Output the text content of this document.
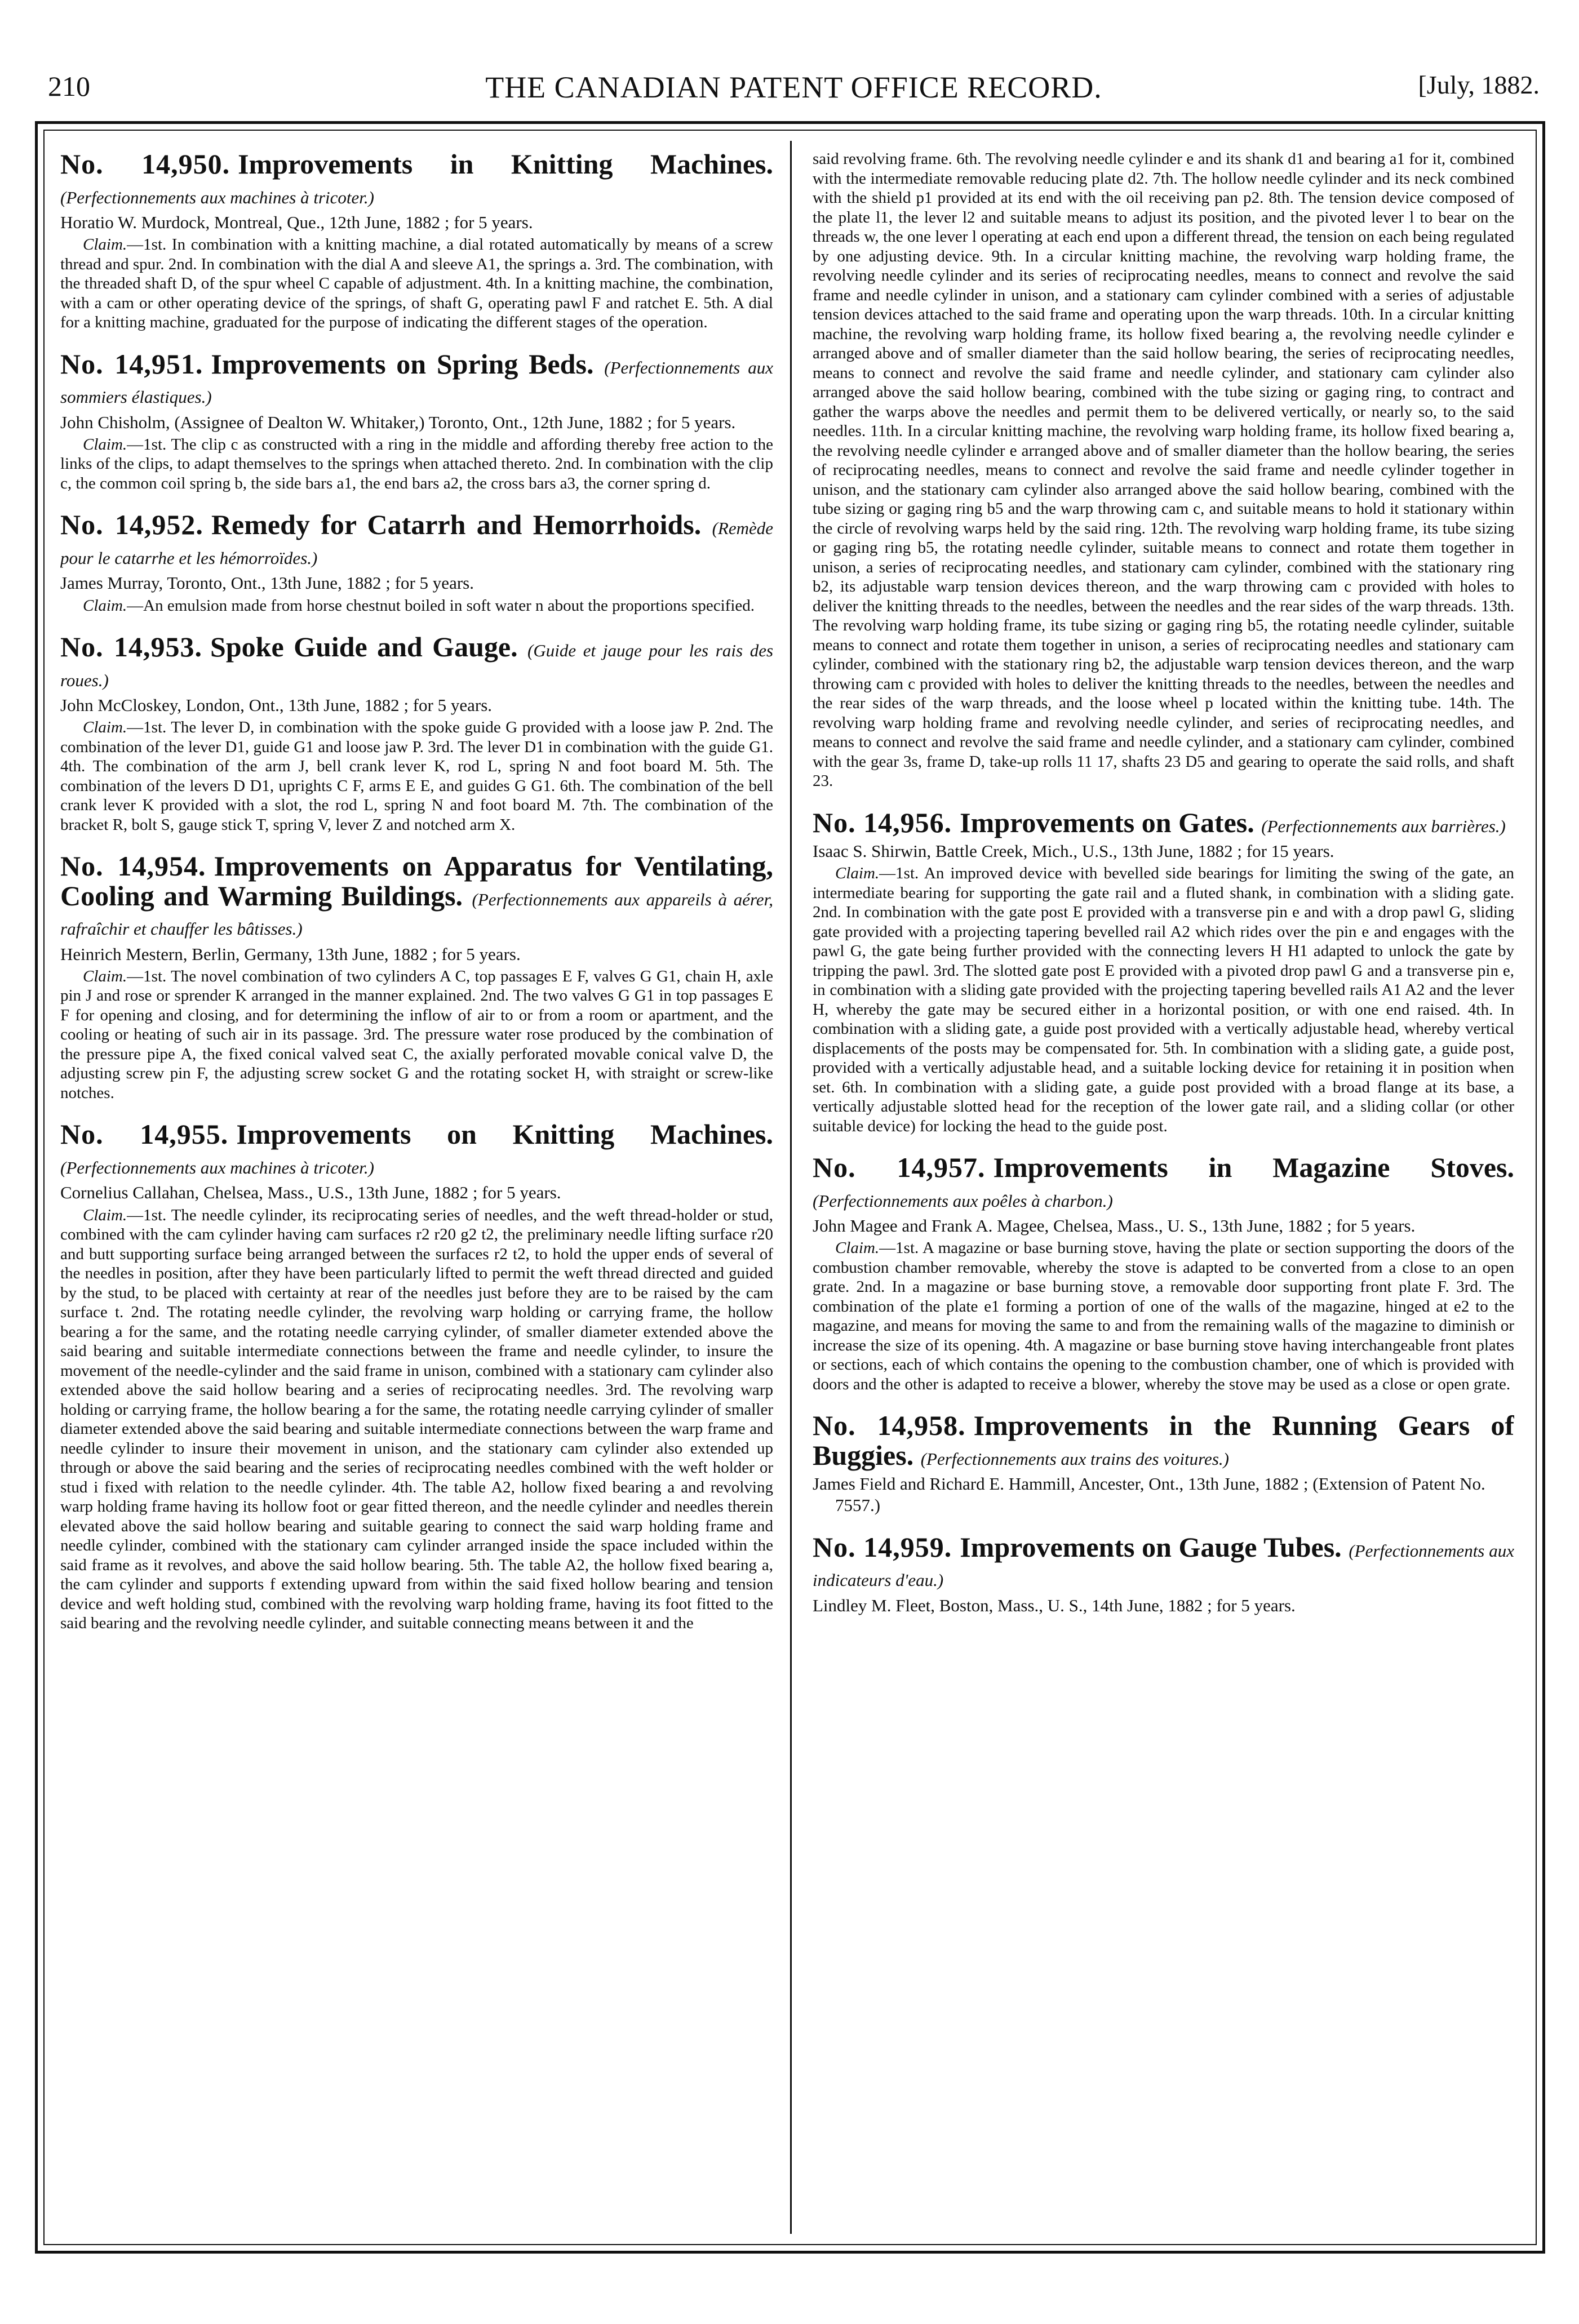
210	THE CANADIAN PATENT OFFICE RECORD.	[July, 1882.
No. 14,950. Improvements in Knitting Machines. (Perfectionnements aux machines à tricoter.)
Horatio W. Murdock, Montreal, Que., 12th June, 1882 ; for 5 years.

Claim.—1st. In combination with a knitting machine, a dial rotated automatically by means of a screw thread and spur. 2nd. In combination with the dial A and sleeve A1, the springs a. 3rd. The combination, with the threaded shaft D, of the spur wheel C capable of adjustment. 4th. In a knitting machine, the combination, with a cam or other operating device of the springs, of shaft G, operating pawl F and ratchet E. 5th. A dial for a knitting machine, graduated for the purpose of indicating the different stages of the operation.

No. 14,951. Improvements on Spring Beds. (Perfectionnements aux sommiers élastiques.)
John Chisholm, (Assignee of Dealton W. Whitaker,) Toronto, Ont., 12th June, 1882 ; for 5 years.

Claim.—1st. The clip c as constructed with a ring in the middle and affording thereby free action to the links of the clips, to adapt themselves to the springs when attached thereto. 2nd. In combination with the clip c, the common coil spring b, the side bars a1, the end bars a2, the cross bars a3, the corner spring d.

No. 14,952. Remedy for Catarrh and Hemorrhoids. (Remède pour le catarrhe et les hémorroïdes.)
James Murray, Toronto, Ont., 13th June, 1882 ; for 5 years.

Claim.—An emulsion made from horse chestnut boiled in soft water n about the proportions specified.

No. 14,953. Spoke Guide and Gauge. (Guide et jauge pour les rais des roues.)
John McCloskey, London, Ont., 13th June, 1882 ; for 5 years.

Claim.—1st. The lever D, in combination with the spoke guide G provided with a loose jaw P. 2nd. The combination of the lever D1, guide G1 and loose jaw P. 3rd. The lever D1 in combination with the guide G1. 4th. The combination of the arm J, bell crank lever K, rod L, spring N and foot board M. 5th. The combination of the levers D D1, uprights C F, arms E E, and guides G G1. 6th. The combination of the bell crank lever K provided with a slot, the rod L, spring N and foot board M. 7th. The combination of the bracket R, bolt S, gauge stick T, spring V, lever Z and notched arm X.

No. 14,954. Improvements on Apparatus for Ventilating, Cooling and Warming Buildings. (Perfectionnements aux appareils à aérer, rafraîchir et chauffer les bâtisses.)
Heinrich Mestern, Berlin, Germany, 13th June, 1882 ; for 5 years.

Claim.—1st. The novel combination of two cylinders A C, top passages E F, valves G G1, chain H, axle pin J and rose or sprender K arranged in the manner explained. 2nd. The two valves G G1 in top passages E F for opening and closing, and for determining the inflow of air to or from a room or apartment, and the cooling or heating of such air in its passage. 3rd. The pressure water rose produced by the combination of the pressure pipe A, the fixed conical valved seat C, the axially perforated movable conical valve D, the adjusting screw pin F, the adjusting screw socket G and the rotating socket H, with straight or screw-like notches.

No. 14,955. Improvements on Knitting Machines. (Perfectionnements aux machines à tricoter.)
Cornelius Callahan, Chelsea, Mass., U.S., 13th June, 1882 ; for 5 years.

Claim.—1st. The needle cylinder, its reciprocating series of needles, and the weft thread-holder or stud, combined with the cam cylinder having cam surfaces r2 r20 g2 t2, the preliminary needle lifting surface r20 and butt supporting surface being arranged between the surfaces r2 t2, to hold the upper ends of several of the needles in position, after they have been particularly lifted to permit the weft thread directed and guided by the stud, to be placed with certainty at rear of the needles just before they are to be raised by the cam surface t. 2nd. The rotating needle cylinder, the revolving warp holding or carrying frame, the hollow bearing a for the same, and the rotating needle carrying cylinder, of smaller diameter extended above the said bearing and suitable intermediate connections between the frame and needle cylinder, to insure the movement of the needle-cylinder and the said frame in unison, combined with a stationary cam cylinder also extended above the said hollow bearing and a series of reciprocating needles. 3rd. The revolving warp holding or carrying frame, the hollow bearing a for the same, the rotating needle carrying cylinder of smaller diameter extended above the said bearing and suitable intermediate connections between the warp frame and needle cylinder to insure their movement in unison, and the stationary cam cylinder also extended up through or above the said bearing and the series of reciprocating needles combined with the weft holder or stud i fixed with relation to the needle cylinder. 4th. The table A2, hollow fixed bearing a and revolving warp holding frame having its hollow foot or gear fitted thereon, and the needle cylinder and needles therein elevated above the said hollow bearing and suitable gearing to connect the said warp holding frame and needle cylinder, combined with the stationary cam cylinder arranged inside the space included within the said frame as it revolves, and above the said hollow bearing. 5th. The table A2, the hollow fixed bearing a, the cam cylinder and supports f extending upward from within the said fixed hollow bearing and tension device and weft holding stud, combined with the revolving warp holding frame, having its foot fitted to the said bearing and the revolving needle cylinder, and suitable connecting means between it and the

said revolving frame. 6th. The revolving needle cylinder e and its shank d1 and bearing a1 for it, combined with the intermediate removable reducing plate d2. 7th. The hollow needle cylinder and its neck combined with the shield p1 provided at its end with the oil receiving pan p2. 8th. The tension device composed of the plate l1, the lever l2 and suitable means to adjust its position, and the pivoted lever l to bear on the threads w, the one lever l operating at each end upon a different thread, the tension on each being regulated by one adjusting device. 9th. In a circular knitting machine, the revolving warp holding frame, the revolving needle cylinder and its series of reciprocating needles, means to connect and revolve the said frame and needle cylinder in unison, and a stationary cam cylinder combined with a series of adjustable tension devices attached to the said frame and operating upon the warp threads. 10th. In a circular knitting machine, the revolving warp holding frame, its hollow fixed bearing a, the revolving needle cylinder e arranged above and of smaller diameter than the said hollow bearing, the series of reciprocating needles, means to connect and revolve the said frame and needle cylinder, and stationary cam cylinder also arranged above the said hollow bearing, combined with the tube sizing or gaging ring, to contract and gather the warps above the needles and permit them to be delivered vertically, or nearly so, to the said needles. 11th. In a circular knitting machine, the revolving warp holding frame, its hollow fixed bearing a, the revolving needle cylinder e arranged above and of smaller diameter than the hollow bearing, the series of reciprocating needles, means to connect and revolve the said frame and needle cylinder together in unison, and the stationary cam cylinder also arranged above the said hollow bearing, combined with the tube sizing or gaging ring b5 and the warp throwing cam c, and suitable means to hold it stationary within the circle of revolving warps held by the said ring. 12th. The revolving warp holding frame, its tube sizing or gaging ring b5, the rotating needle cylinder, suitable means to connect and rotate them together in unison, a series of reciprocating needles, and stationary cam cylinder, combined with the stationary ring b2, its adjustable warp tension devices thereon, and the warp throwing cam c provided with holes to deliver the knitting threads to the needles, between the needles and the rear sides of the warp threads. 13th. The revolving warp holding frame, its tube sizing or gaging ring b5, the rotating needle cylinder, suitable means to connect and rotate them together in unison, a series of reciprocating needles and stationary cam cylinder, combined with the stationary ring b2, the adjustable warp tension devices thereon, and the warp throwing cam c provided with holes to deliver the knitting threads to the needles, between the needles and the rear sides of the warp threads, and the loose wheel p located within the knitting tube. 14th. The revolving warp holding frame and revolving needle cylinder, and series of reciprocating needles, and means to connect and revolve the said frame and needle cylinder, and a stationary cam cylinder, combined with the gear 3s, frame D, take-up rolls 11 17, shafts 23 D5 and gearing to operate the said rolls, and shaft 23.

No. 14,956. Improvements on Gates. (Perfectionnements aux barrières.)
Isaac S. Shirwin, Battle Creek, Mich., U.S., 13th June, 1882 ; for 15 years.

Claim.—1st. An improved device with bevelled side bearings for limiting the swing of the gate, an intermediate bearing for supporting the gate rail and a fluted shank, in combination with a sliding gate. 2nd. In combination with the gate post E provided with a transverse pin e and with a drop pawl G, sliding gate provided with a projecting tapering bevelled rail A2 which rides over the pin e and engages with the pawl G, the gate being further provided with the connecting levers H H1 adapted to unlock the gate by tripping the pawl. 3rd. The slotted gate post E provided with a pivoted drop pawl G and a transverse pin e, in combination with a sliding gate provided with the projecting tapering bevelled rails A1 A2 and the lever H, whereby the gate may be secured either in a horizontal position, or with one end raised. 4th. In combination with a sliding gate, a guide post provided with a vertically adjustable head, whereby vertical displacements of the posts may be compensated for. 5th. In combination with a sliding gate, a guide post, provided with a vertically adjustable head, and a suitable locking device for retaining it in position when set. 6th. In combination with a sliding gate, a guide post provided with a broad flange at its base, a vertically adjustable slotted head for the reception of the lower gate rail, and a sliding collar (or other suitable device) for locking the head to the guide post.

No. 14,957. Improvements in Magazine Stoves. (Perfectionnements aux poêles à charbon.)
John Magee and Frank A. Magee, Chelsea, Mass., U. S., 13th June, 1882 ; for 5 years.

Claim.—1st. A magazine or base burning stove, having the plate or section supporting the doors of the combustion chamber removable, whereby the stove is adapted to be converted from a close to an open grate. 2nd. In a magazine or base burning stove, a removable door supporting front plate F. 3rd. The combination of the plate e1 forming a portion of one of the walls of the magazine, hinged at e2 to the magazine, and means for moving the same to and from the remaining walls of the magazine to diminish or increase the size of its opening. 4th. A magazine or base burning stove having interchangeable front plates or sections, each of which contains the opening to the combustion chamber, one of which is provided with doors and the other is adapted to receive a blower, whereby the stove may be used as a close or open grate.

No. 14,958. Improvements in the Running Gears of Buggies. (Perfectionnements aux trains des voitures.)
James Field and Richard E. Hammill, Ancester, Ont., 13th June, 1882 ; (Extension of Patent No. 7557.)
No. 14,959. Improvements on Gauge Tubes. (Perfectionnements aux indicateurs d'eau.)
Lindley M. Fleet, Boston, Mass., U. S., 14th June, 1882 ; for 5 years.
